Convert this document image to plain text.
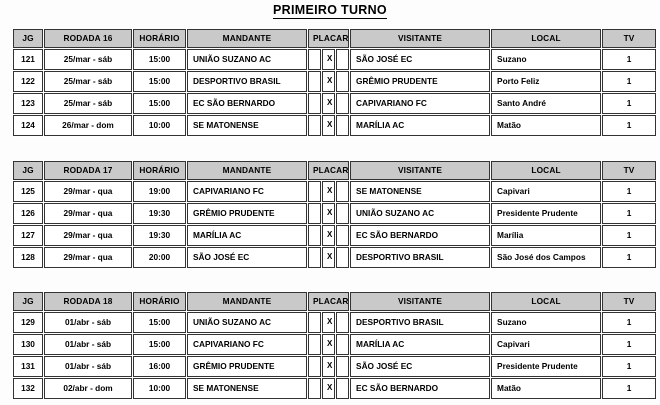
PRIMEIRO TURNO
JG	RODADA 16	HORÁRIO	MANDANTE	PLACAR			VISITANTE	LOCAL	TV
121	25/mar - sáb	15:00	UNIÃO SUZANO AC		X		SÃO JOSÉ EC	Suzano	1
122	25/mar - sáb	15:00	DESPORTIVO BRASIL		X		GRÊMIO PRUDENTE	Porto Feliz	1
123	25/mar - sáb	15:00	EC SÃO BERNARDO		X		CAPIVARIANO FC	Santo André	1
124	26/mar - dom	10:00	SE MATONENSE		X		MARÍLIA AC	Matão	1
JG	RODADA 17	HORÁRIO	MANDANTE	PLACAR			VISITANTE	LOCAL	TV
125	29/mar - qua	19:00	CAPIVARIANO FC		X		SE MATONENSE	Capivari	1
126	29/mar - qua	19:30	GRÊMIO PRUDENTE		X		UNIÃO SUZANO AC	Presidente Prudente	1
127	29/mar - qua	19:30	MARÍLIA AC		X		EC SÃO BERNARDO	Marília	1
128	29/mar - qua	20:00	SÃO JOSÉ EC		X		DESPORTIVO BRASIL	São José dos Campos	1
JG	RODADA 18	HORÁRIO	MANDANTE	PLACAR			VISITANTE	LOCAL	TV
129	01/abr - sáb	15:00	UNIÃO SUZANO AC		X		DESPORTIVO BRASIL	Suzano	1
130	01/abr - sáb	15:00	CAPIVARIANO FC		X		MARÍLIA AC	Capivari	1
131	01/abr - sáb	16:00	GRÊMIO PRUDENTE		X		SÃO JOSÉ EC	Presidente Prudente	1
132	02/abr - dom	10:00	SE MATONENSE		X		EC SÃO BERNARDO	Matão	1
